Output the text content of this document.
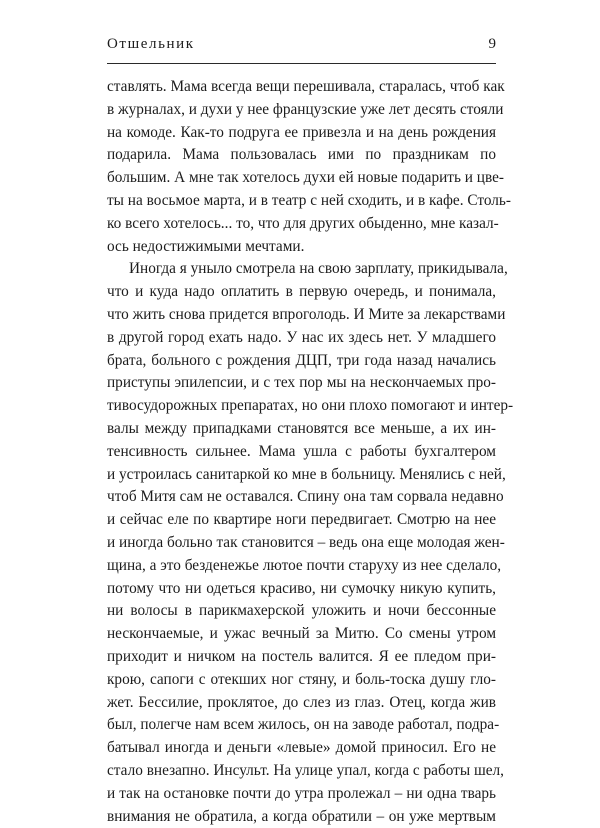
Отшельник	9
ставлять. Мама всегда вещи перешивала, старалась, чтоб как
в журналах, и духи у нее французские уже лет десять стояли
на комоде. Как-то подруга ее привезла и на день рождения
подарила. Мама пользовалась ими по праздникам по
большим. А мне так хотелось духи ей новые подарить и цве-
ты на восьмое марта, и в театр с ней сходить, и в кафе. Столь-
ко всего хотелось... то, что для других обыденно, мне казал-
ось недостижимыми мечтами.
Иногда я уныло смотрела на свою зарплату, прикидывала,
что и куда надо оплатить в первую очередь, и понимала,
что жить снова придется впроголодь. И Мите за лекарствами
в другой город ехать надо. У нас их здесь нет. У младшего
брата, больного с рождения ДЦП, три года назад начались
приступы эпилепсии, и с тех пор мы на нескончаемых про-
тивосудорожных препаратах, но они плохо помогают и интер-
валы между припадками становятся все меньше, а их ин-
тенсивность сильнее. Мама ушла с работы бухгалтером
и устроилась санитаркой ко мне в больницу. Менялись с ней,
чтоб Митя сам не оставался. Спину она там сорвала недавно
и сейчас еле по квартире ноги передвигает. Смотрю на нее
и иногда больно так становится – ведь она еще молодая жен-
щина, а это безденежье лютое почти старуху из нее сделало,
потому что ни одеться красиво, ни сумочку никую купить,
ни волосы в парикмахерской уложить и ночи бессонные
нескончаемые, и ужас вечный за Митю. Со смены утром
приходит и ничком на постель валится. Я ее пледом при-
крою, сапоги с отекших ног стяну, и боль-тоска душу гло-
жет. Бессилие, проклятое, до слез из глаз. Отец, когда жив
был, полегче нам всем жилось, он на заводе работал, подра-
батывал иногда и деньги «левые» домой приносил. Его не
стало внезапно. Инсульт. На улице упал, когда с работы шел,
и так на остановке почти до утра пролежал – ни одна тварь
внимания не обратила, а когда обратили – он уже мертвым
